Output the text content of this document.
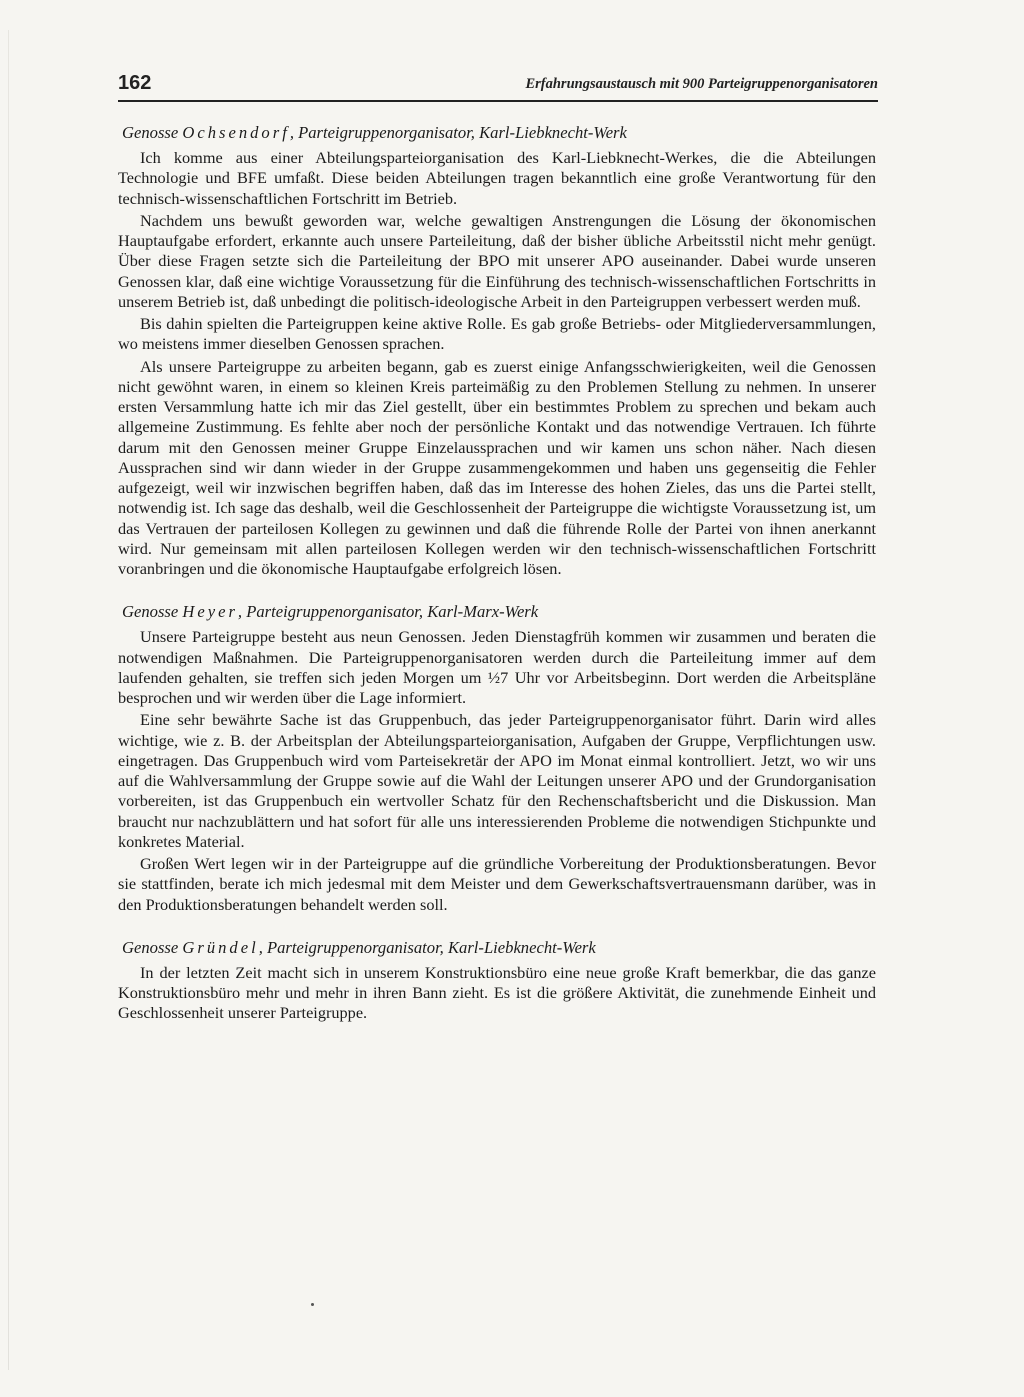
162	Erfahrungsaustausch mit 900 Parteigruppenorganisatoren
Genosse Ochsendorf, Parteigruppenorganisator, Karl-Liebknecht-Werk

Ich komme aus einer Abteilungsparteiorganisation des Karl-Liebknecht-Werkes, die die Abteilungen Technologie und BFE umfaßt. Diese beiden Abteilungen tragen bekanntlich eine große Verantwortung für den technisch-wissenschaftlichen Fortschritt im Betrieb.

Nachdem uns bewußt geworden war, welche gewaltigen Anstrengungen die Lösung der ökonomischen Hauptaufgabe erfordert, erkannte auch unsere Parteileitung, daß der bisher übliche Arbeitsstil nicht mehr genügt. Über diese Fragen setzte sich die Parteileitung der BPO mit unserer APO auseinander. Dabei wurde unseren Genossen klar, daß eine wichtige Voraussetzung für die Einführung des technisch-wissenschaftlichen Fortschritts in unserem Betrieb ist, daß unbedingt die politisch-ideologische Arbeit in den Parteigruppen verbessert werden muß.

Bis dahin spielten die Parteigruppen keine aktive Rolle. Es gab große Betriebs- oder Mitgliederversammlungen, wo meistens immer dieselben Genossen sprachen.

Als unsere Parteigruppe zu arbeiten begann, gab es zuerst einige Anfangsschwierigkeiten, weil die Genossen nicht gewöhnt waren, in einem so kleinen Kreis parteimäßig zu den Problemen Stellung zu nehmen. In unserer ersten Versammlung hatte ich mir das Ziel gestellt, über ein bestimmtes Problem zu sprechen und bekam auch allgemeine Zustimmung. Es fehlte aber noch der persönliche Kontakt und das notwendige Vertrauen. Ich führte darum mit den Genossen meiner Gruppe Einzelaussprachen und wir kamen uns schon näher. Nach diesen Aussprachen sind wir dann wieder in der Gruppe zusammengekommen und haben uns gegenseitig die Fehler aufgezeigt, weil wir inzwischen begriffen haben, daß das im Interesse des hohen Zieles, das uns die Partei stellt, notwendig ist. Ich sage das deshalb, weil die Geschlossenheit der Parteigruppe die wichtigste Voraussetzung ist, um das Vertrauen der parteilosen Kollegen zu gewinnen und daß die führende Rolle der Partei von ihnen anerkannt wird. Nur gemeinsam mit allen parteilosen Kollegen werden wir den technisch-wissenschaftlichen Fortschritt voranbringen und die ökonomische Hauptaufgabe erfolgreich lösen.

Genosse Heyer, Parteigruppenorganisator, Karl-Marx-Werk

Unsere Parteigruppe besteht aus neun Genossen. Jeden Dienstagfrüh kommen wir zusammen und beraten die notwendigen Maßnahmen. Die Parteigruppenorganisatoren werden durch die Parteileitung immer auf dem laufenden gehalten, sie treffen sich jeden Morgen um ½7 Uhr vor Arbeitsbeginn. Dort werden die Arbeitspläne besprochen und wir werden über die Lage informiert.

Eine sehr bewährte Sache ist das Gruppenbuch, das jeder Parteigruppenorganisator führt. Darin wird alles wichtige, wie z. B. der Arbeitsplan der Abteilungsparteiorganisation, Aufgaben der Gruppe, Verpflichtungen usw. eingetragen. Das Gruppenbuch wird vom Parteisekretär der APO im Monat einmal kontrolliert. Jetzt, wo wir uns auf die Wahlversammlung der Gruppe sowie auf die Wahl der Leitungen unserer APO und der Grundorganisation vorbereiten, ist das Gruppenbuch ein wertvoller Schatz für den Rechenschaftsbericht und die Diskussion. Man braucht nur nachzublättern und hat sofort für alle uns interessierenden Probleme die notwendigen Stichpunkte und konkretes Material.

Großen Wert legen wir in der Parteigruppe auf die gründliche Vorbereitung der Produktionsberatungen. Bevor sie stattfinden, berate ich mich jedesmal mit dem Meister und dem Gewerkschaftsvertrauensmann darüber, was in den Produktionsberatungen behandelt werden soll.

Genosse Gründel, Parteigruppenorganisator, Karl-Liebknecht-Werk

In der letzten Zeit macht sich in unserem Konstruktionsbüro eine neue große Kraft bemerkbar, die das ganze Konstruktionsbüro mehr und mehr in ihren Bann zieht. Es ist die größere Aktivität, die zunehmende Einheit und Geschlossenheit unserer Parteigruppe.
